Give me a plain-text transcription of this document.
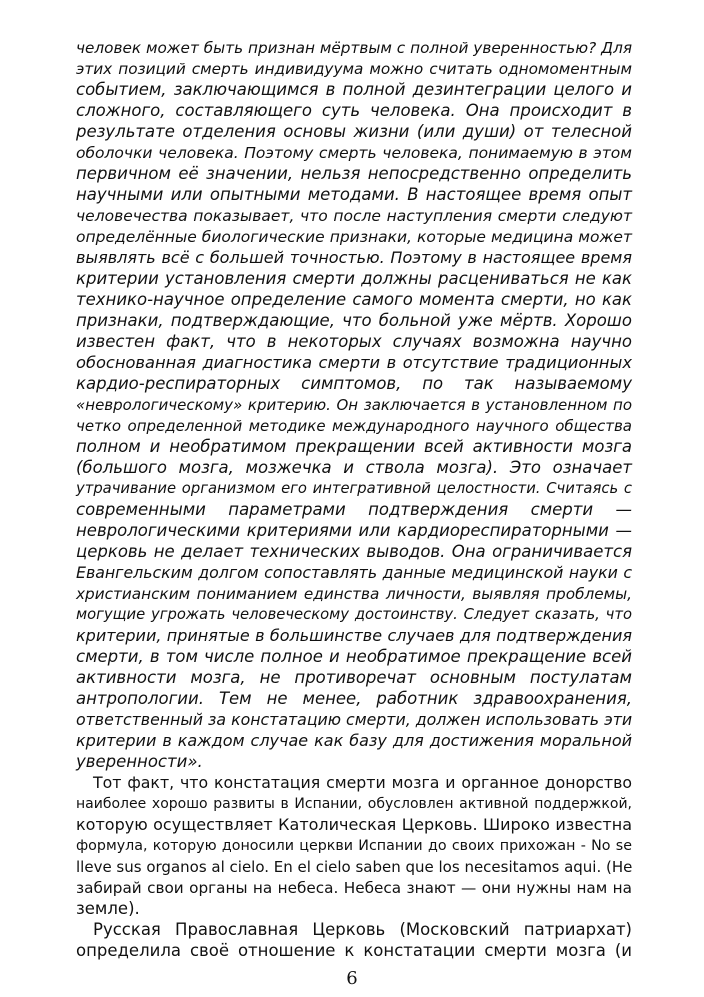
человек может быть признан мёртвым с полной уверенностью? Для
этих позиций смерть индивидуума можно считать одномоментным
событием, заключающимся в полной дезинтеграции целого и
сложного, составляющего суть человека. Она происходит в
результате отделения основы жизни (или души) от телесной
оболочки человека. Поэтому смерть человека, понимаемую в этом
первичном её значении, нельзя непосредственно определить
научными или опытными методами. В настоящее время опыт
человечества показывает, что после наступления смерти следуют
определённые биологические признаки, которые медицина может
выявлять всё с большей точностью. Поэтому в настоящее время
критерии установления смерти должны расцениваться не как
технико-научное определение самого момента смерти, но как
признаки, подтверждающие, что больной уже мёртв. Хорошо
известен факт, что в некоторых случаях возможна научно
обоснованная диагностика смерти в отсутствие традиционных
кардио-респираторных симптомов, по так называемому
«неврологическому» критерию. Он заключается в установленном по
четко определенной методике международного научного общества
полном и необратимом прекращении всей активности мозга
(большого мозга, мозжечка и ствола мозга). Это означает
утрачивание организмом его интегративной целостности. Считаясь с
современными параметрами подтверждения смерти —
неврологическими критериями или кардиореспираторными —
церковь не делает технических выводов. Она ограничивается
Евангельским долгом сопоставлять данные медицинской науки с
христианским пониманием единства личности, выявляя проблемы,
могущие угрожать человеческому достоинству. Следует сказать, что
критерии, принятые в большинстве случаев для подтверждения
смерти, в том числе полное и необратимое прекращение всей
активности мозга, не противоречат основным постулатам
антропологии. Тем не менее, работник здравоохранения,
ответственный за констатацию смерти, должен использовать эти
критерии в каждом случае как базу для достижения моральной
уверенности».
Тот факт, что констатация смерти мозга и органное донорство
наиболее хорошо развиты в Испании, обусловлен активной поддержкой,
которую осуществляет Католическая Церковь. Широко известна
формула, которую доносили церкви Испании до своих прихожан - No se
lleve sus organos al cielo. En el cielo saben que los necesitamos aqui. (Не
забирай свои органы на небеса. Небеса знают — они нужны нам на
земле).
Русская Православная Церковь (Московский патриархат)
определила своё отношение к констатации смерти мозга (и
6
